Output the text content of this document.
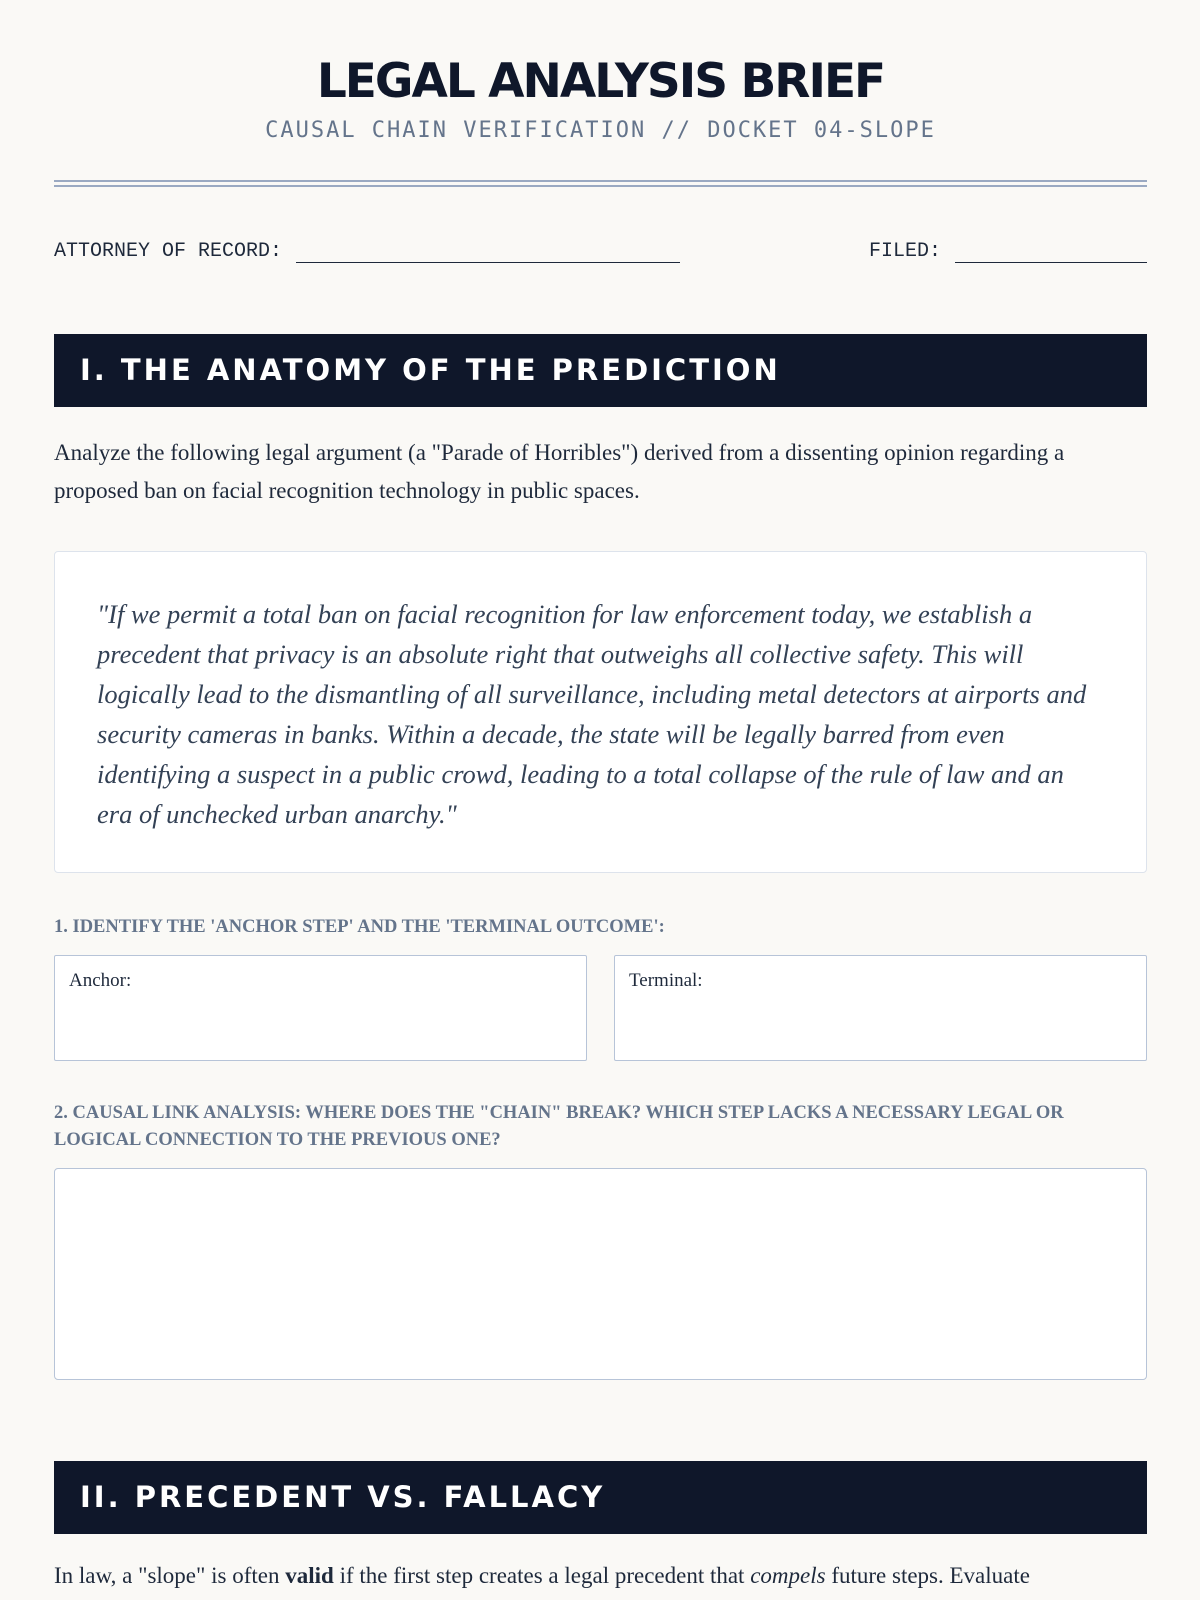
LEGAL ANALYSIS BRIEF
CAUSAL CHAIN VERIFICATION // DOCKET 04-SLOPE
ATTORNEY OF RECORD:	FILED:
I. THE ANATOMY OF THE PREDICTION
Analyze the following legal argument (a "Parade of Horribles") derived from a dissenting opinion regarding a proposed ban on facial recognition technology in public spaces.
"If we permit a total ban on facial recognition for law enforcement today, we establish a precedent that privacy is an absolute right that outweighs all collective safety. This will logically lead to the dismantling of all surveillance, including metal detectors at airports and security cameras in banks. Within a decade, the state will be legally barred from even identifying a suspect in a public crowd, leading to a total collapse of the rule of law and an era of unchecked urban anarchy."
1. IDENTIFY THE 'ANCHOR STEP' AND THE 'TERMINAL OUTCOME':
Anchor:	Terminal:
2. CAUSAL LINK ANALYSIS: WHERE DOES THE "CHAIN" BREAK? WHICH STEP LACKS A NECESSARY LEGAL OR LOGICAL CONNECTION TO THE PREVIOUS ONE?
II. PRECEDENT VS. FALLACY
In law, a "slope" is often valid if the first step creates a legal precedent that compels future steps. Evaluate
